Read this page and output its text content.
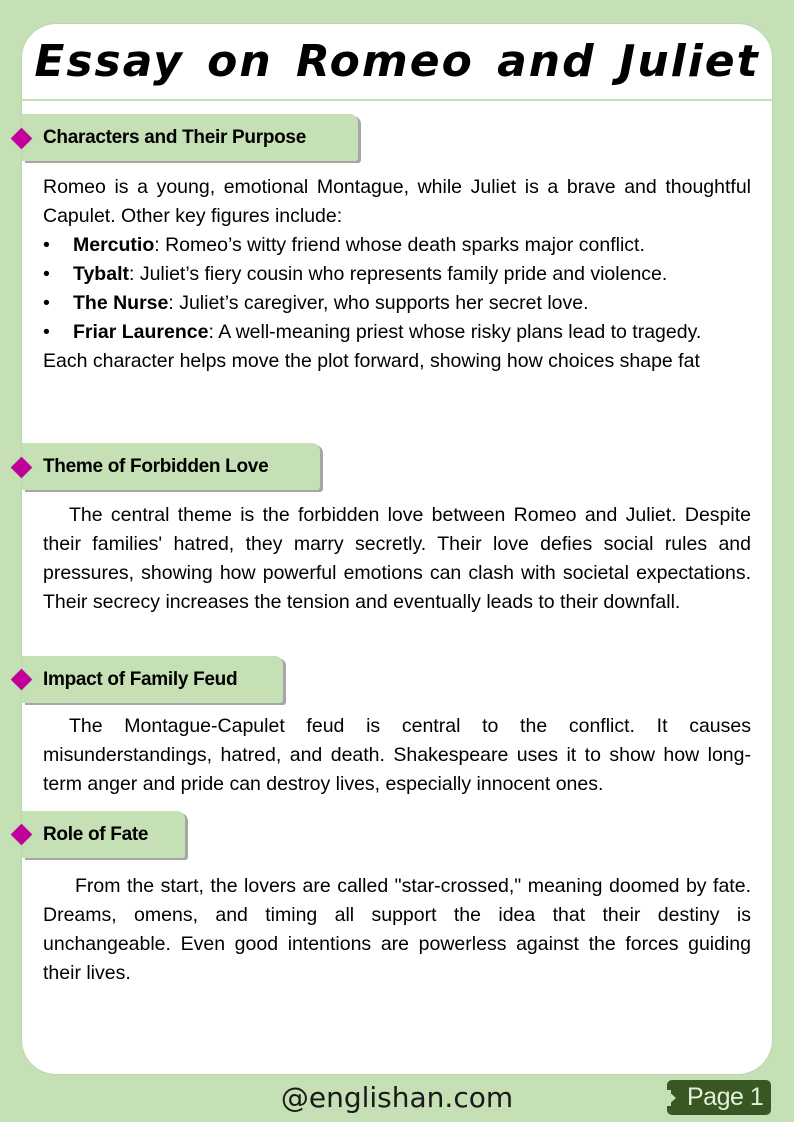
Essay on Romeo and Juliet
Characters and Their Purpose

Romeo is a young, emotional Montague, while Juliet is a brave and thoughtful Capulet. Other key figures include:

• Mercutio: Romeo’s witty friend whose death sparks major conflict.
• Tybalt: Juliet’s fiery cousin who represents family pride and violence.
• The Nurse: Juliet’s caregiver, who supports her secret love.
• Friar Laurence: A well-meaning priest whose risky plans lead to tragedy.

Each character helps move the plot forward, showing how choices shape fat

Theme of Forbidden Love

The central theme is the forbidden love between Romeo and Juliet. Despite their families' hatred, they marry secretly. Their love defies social rules and pressures, showing how powerful emotions can clash with societal expectations. Their secrecy increases the tension and eventually leads to their downfall.

Impact of Family Feud

The Montague-Capulet feud is central to the conflict. It causes misunderstandings, hatred, and death. Shakespeare uses it to show how long-term anger and pride can destroy lives, especially innocent ones.

Role of Fate

From the start, the lovers are called "star-crossed," meaning doomed by fate. Dreams, omens, and timing all support the idea that their destiny is unchangeable. Even good intentions are powerless against the forces guiding their lives.

@englishan.com	Page 1
